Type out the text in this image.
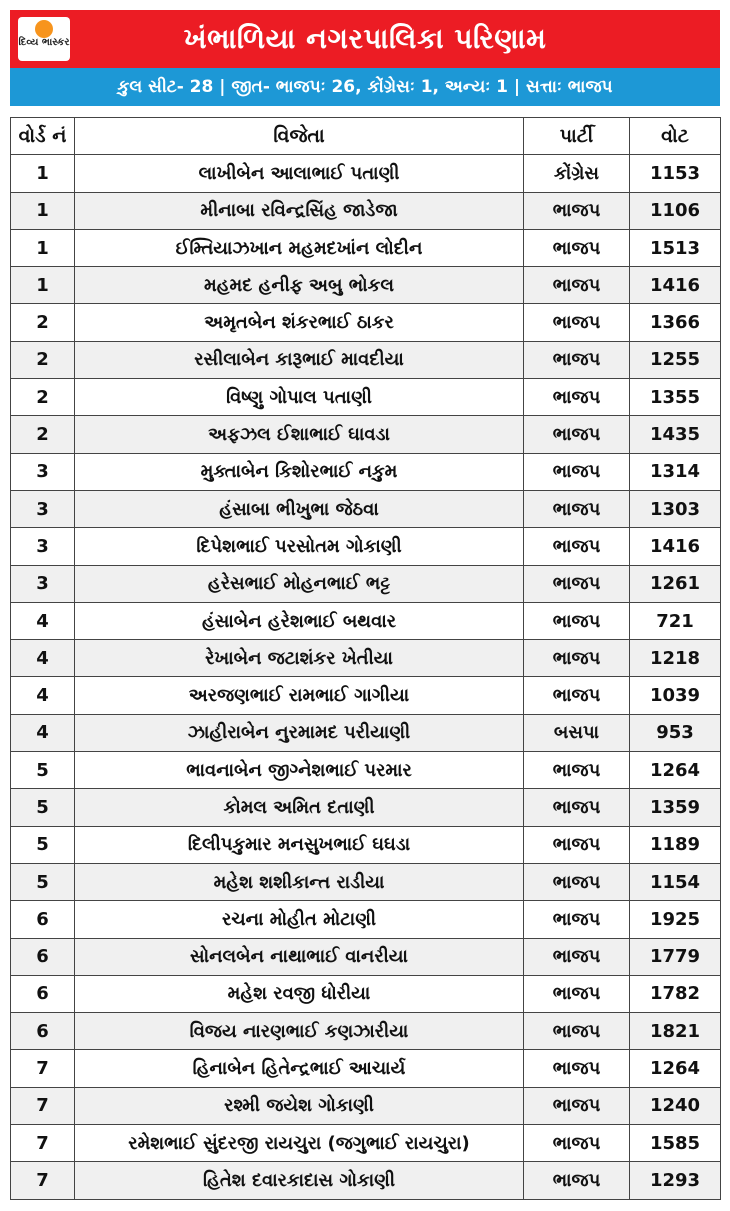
દિવ્ય ભાસ્કર	ખંભાળિયા નગરપાલિકા પરિણામ
કુલ સીટ- 28 | જીત- ભાજપઃ 26, કોંગ્રેસઃ 1, અન્યઃ 1 | સત્તાઃ ભાજપ
વોર્ડ નં	વિજેતા	પાર્ટી	વોટ
1	લાખીબેન આલાભાઈ પતાણી	કોંગ્રેસ	1153
1	મીનાબા રવિન્દ્રસિંહ જાડેજા	ભાજપ	1106
1	ઈમ્તિયાઝખાન મહમદખાંન લોદીન	ભાજપ	1513
1	મહમદ હનીફ અબુ ભોકલ	ભાજપ	1416
2	અમૃતબેન શંકરભાઈ ઠાકર	ભાજપ	1366
2	રસીલાબેન કારૂભાઈ માવદીયા	ભાજપ	1255
2	વિષ્ણુ ગોપાલ પતાણી	ભાજપ	1355
2	અફઝલ ઈશાભાઈ ઘાવડા	ભાજપ	1435
3	મુક્તાબેન કિશોરભાઈ નકુમ	ભાજપ	1314
3	હંસાબા ભીખુભા જેઠવા	ભાજપ	1303
3	દિપેશભાઈ પરસોતમ ગોકાણી	ભાજપ	1416
3	હરેસભાઈ મોહનભાઈ ભટ્ટ	ભાજપ	1261
4	હંસાબેન હરેશભાઈ બથવાર	ભાજપ	721
4	રેખાબેન જટાશંકર ખેતીયા	ભાજપ	1218
4	અરજણભાઈ રામભાઈ ગાગીયા	ભાજપ	1039
4	ઝાહીરાબેન નુરમામદ પરીયાણી	બસપા	953
5	ભાવનાબેન જીગ્નેશભાઈ પરમાર	ભાજપ	1264
5	કોમલ અમિત દતાણી	ભાજપ	1359
5	દિલીપકુમાર મનસુખભાઈ ઘઘડા	ભાજપ	1189
5	મહેશ શશીકાન્ત રાડીયા	ભાજપ	1154
6	રચના મોહીત મોટાણી	ભાજપ	1925
6	સોનલબેન નાથાભાઈ વાનરીયા	ભાજપ	1779
6	મહેશ રવજી ધોરીયા	ભાજપ	1782
6	વિજય નારણભાઈ કણઝારીયા	ભાજપ	1821
7	હિનાબેન હિતેન્દ્રભાઈ આચાર્ય	ભાજપ	1264
7	રશ્મી જયેશ ગોકાણી	ભાજપ	1240
7	રમેશભાઈ સુંદરજી રાયચુરા (જગુભાઈ રાયચુરા)	ભાજપ	1585
7	હિતેશ દવારકાદાસ ગોકાણી	ભાજપ	1293
